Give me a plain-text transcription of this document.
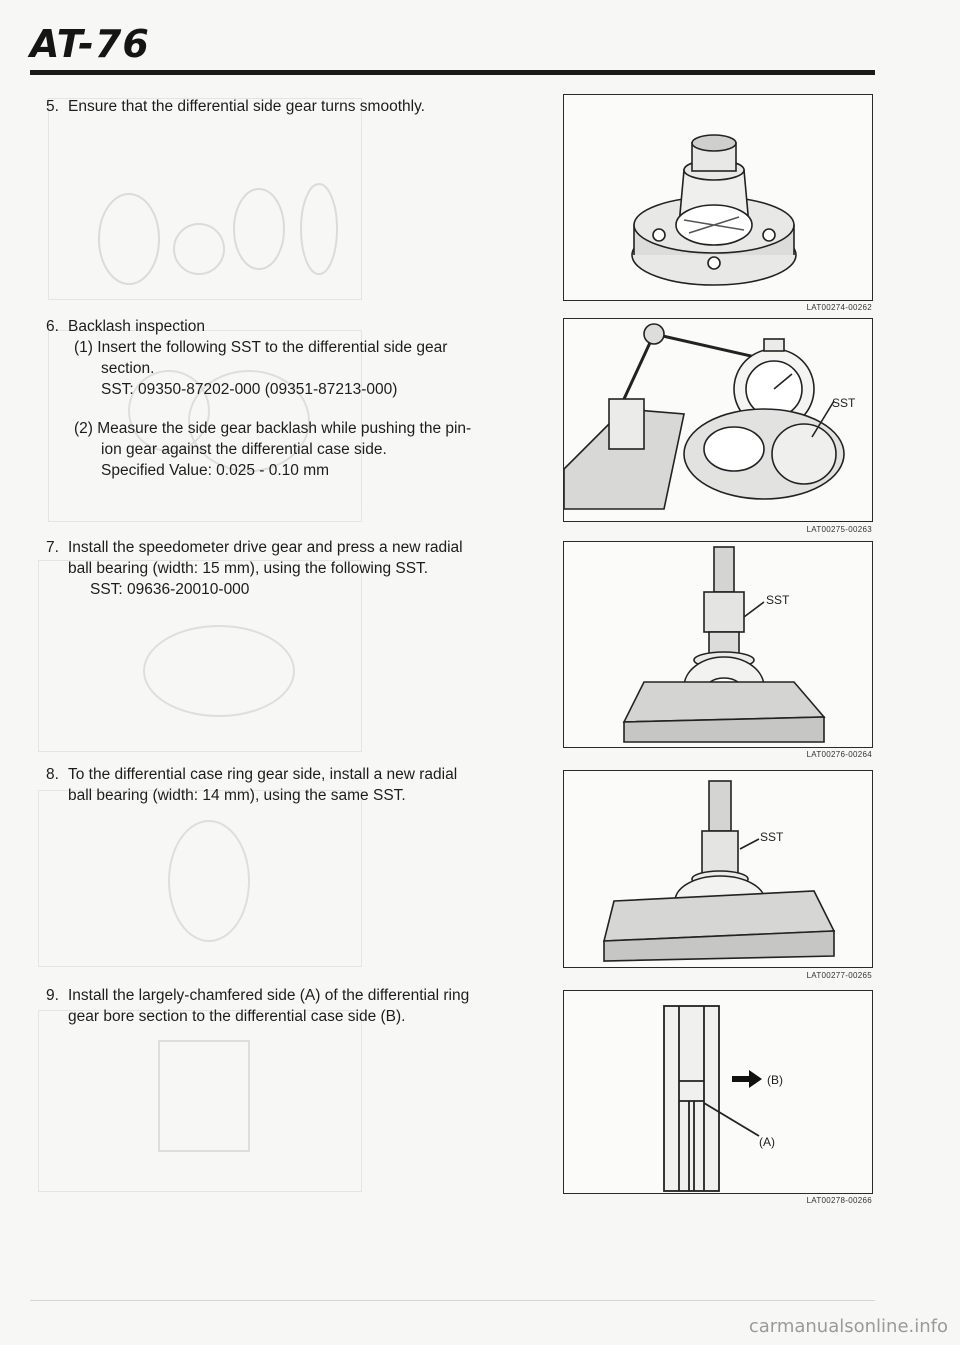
AT-76
5. Ensure that the differential side gear turns smoothly.
6. Backlash inspection
(1) Insert the following SST to the differential side gear
section.
SST: 09350-87202-000 (09351-87213-000)
(2) Measure the side gear backlash while pushing the pin-
ion gear against the differential case side.
Specified Value: 0.025 - 0.10 mm
7. Install the speedometer drive gear and press a new radial
ball bearing (width: 15 mm), using the following SST.
SST: 09636-20010-000
8. To the differential case ring gear side, install a new radial
ball bearing (width: 14 mm), using the same SST.
9. Install the largely-chamfered side (A) of the differential ring
gear bore section to the differential case side (B).
LAT00274-00262
SST
LAT00275-00263
SST
LAT00276-00264
SST
LAT00277-00265
(B)
(A)
LAT00278-00266
carmanualsonline.info
